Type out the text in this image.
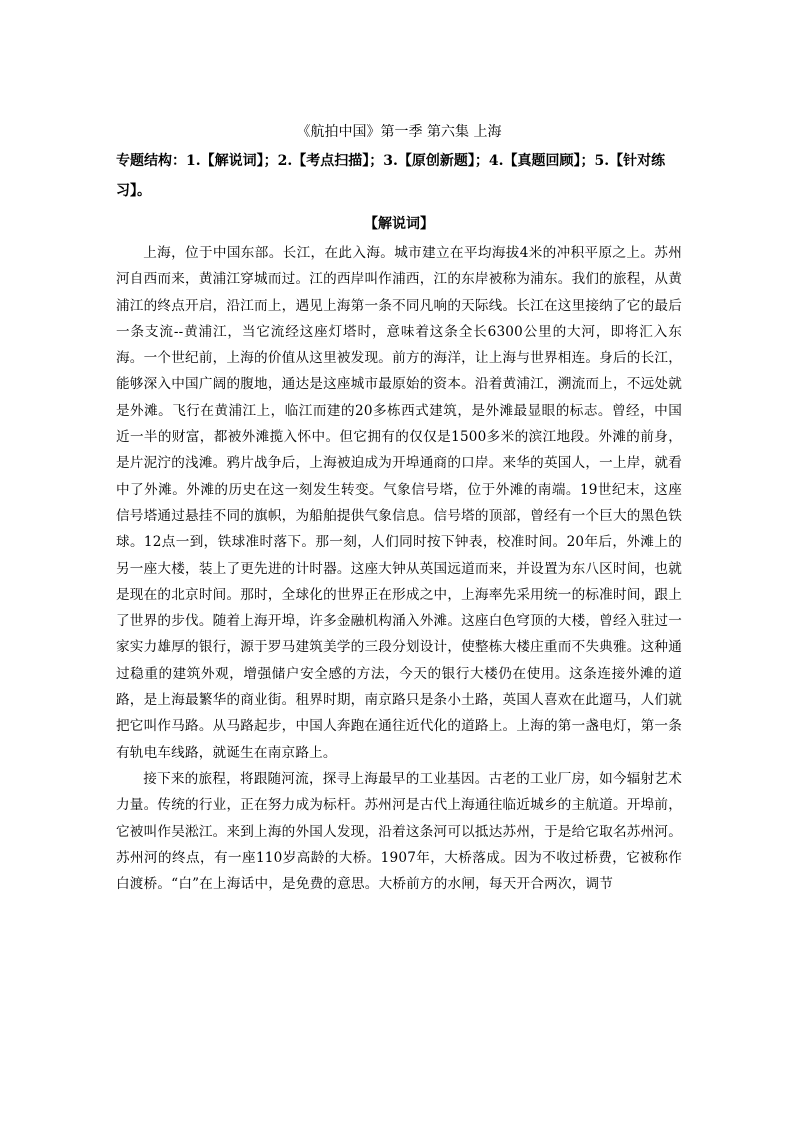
《航拍中国》第一季 第六集 上海

专题结构：1.【解说词】；2.【考点扫描】；3.【原创新题】；4.【真题回顾】；5.【针对练习】。

【解说词】

上海，位于中国东部。长江，在此入海。城市建立在平均海拔4米的冲积平原之上。苏州河自西而来，黄浦江穿城而过。江的西岸叫作浦西，江的东岸被称为浦东。我们的旅程，从黄浦江的终点开启，沿江而上，遇见上海第一条不同凡响的天际线。长江在这里接纳了它的最后一条支流--黄浦江，当它流经这座灯塔时，意味着这条全长6300公里的大河，即将汇入东海。一个世纪前，上海的价值从这里被发现。前方的海洋，让上海与世界相连。身后的长江，能够深入中国广阔的腹地，通达是这座城市最原始的资本。沿着黄浦江，溯流而上，不远处就是外滩。飞行在黄浦江上，临江而建的20多栋西式建筑，是外滩最显眼的标志。曾经，中国近一半的财富，都被外滩揽入怀中。但它拥有的仅仅是1500多米的滨江地段。外滩的前身，是片泥泞的浅滩。鸦片战争后，上海被迫成为开埠通商的口岸。来华的英国人，一上岸，就看中了外滩。外滩的历史在这一刻发生转变。气象信号塔，位于外滩的南端。19世纪末，这座信号塔通过悬挂不同的旗帜，为船舶提供气象信息。信号塔的顶部，曾经有一个巨大的黑色铁球。12点一到，铁球准时落下。那一刻，人们同时按下钟表，校准时间。20年后，外滩上的另一座大楼，装上了更先进的计时器。这座大钟从英国远道而来，并设置为东八区时间，也就是现在的北京时间。那时，全球化的世界正在形成之中，上海率先采用统一的标准时间，跟上了世界的步伐。随着上海开埠，许多金融机构涌入外滩。这座白色穹顶的大楼，曾经入驻过一家实力雄厚的银行，源于罗马建筑美学的三段分划设计，使整栋大楼庄重而不失典雅。这种通过稳重的建筑外观，增强储户安全感的方法，今天的银行大楼仍在使用。这条连接外滩的道路，是上海最繁华的商业街。租界时期，南京路只是条小土路，英国人喜欢在此遛马，人们就把它叫作马路。从马路起步，中国人奔跑在通往近代化的道路上。上海的第一盏电灯，第一条有轨电车线路，就诞生在南京路上。

接下来的旅程，将跟随河流，探寻上海最早的工业基因。古老的工业厂房，如今辐射艺术力量。传统的行业，正在努力成为标杆。苏州河是古代上海通往临近城乡的主航道。开埠前，它被叫作吴淞江。来到上海的外国人发现，沿着这条河可以抵达苏州，于是给它取名苏州河。苏州河的终点，有一座110岁高龄的大桥。1907年，大桥落成。因为不收过桥费，它被称作白渡桥。“白”在上海话中，是免费的意思。大桥前方的水闸，每天开合两次，调节
